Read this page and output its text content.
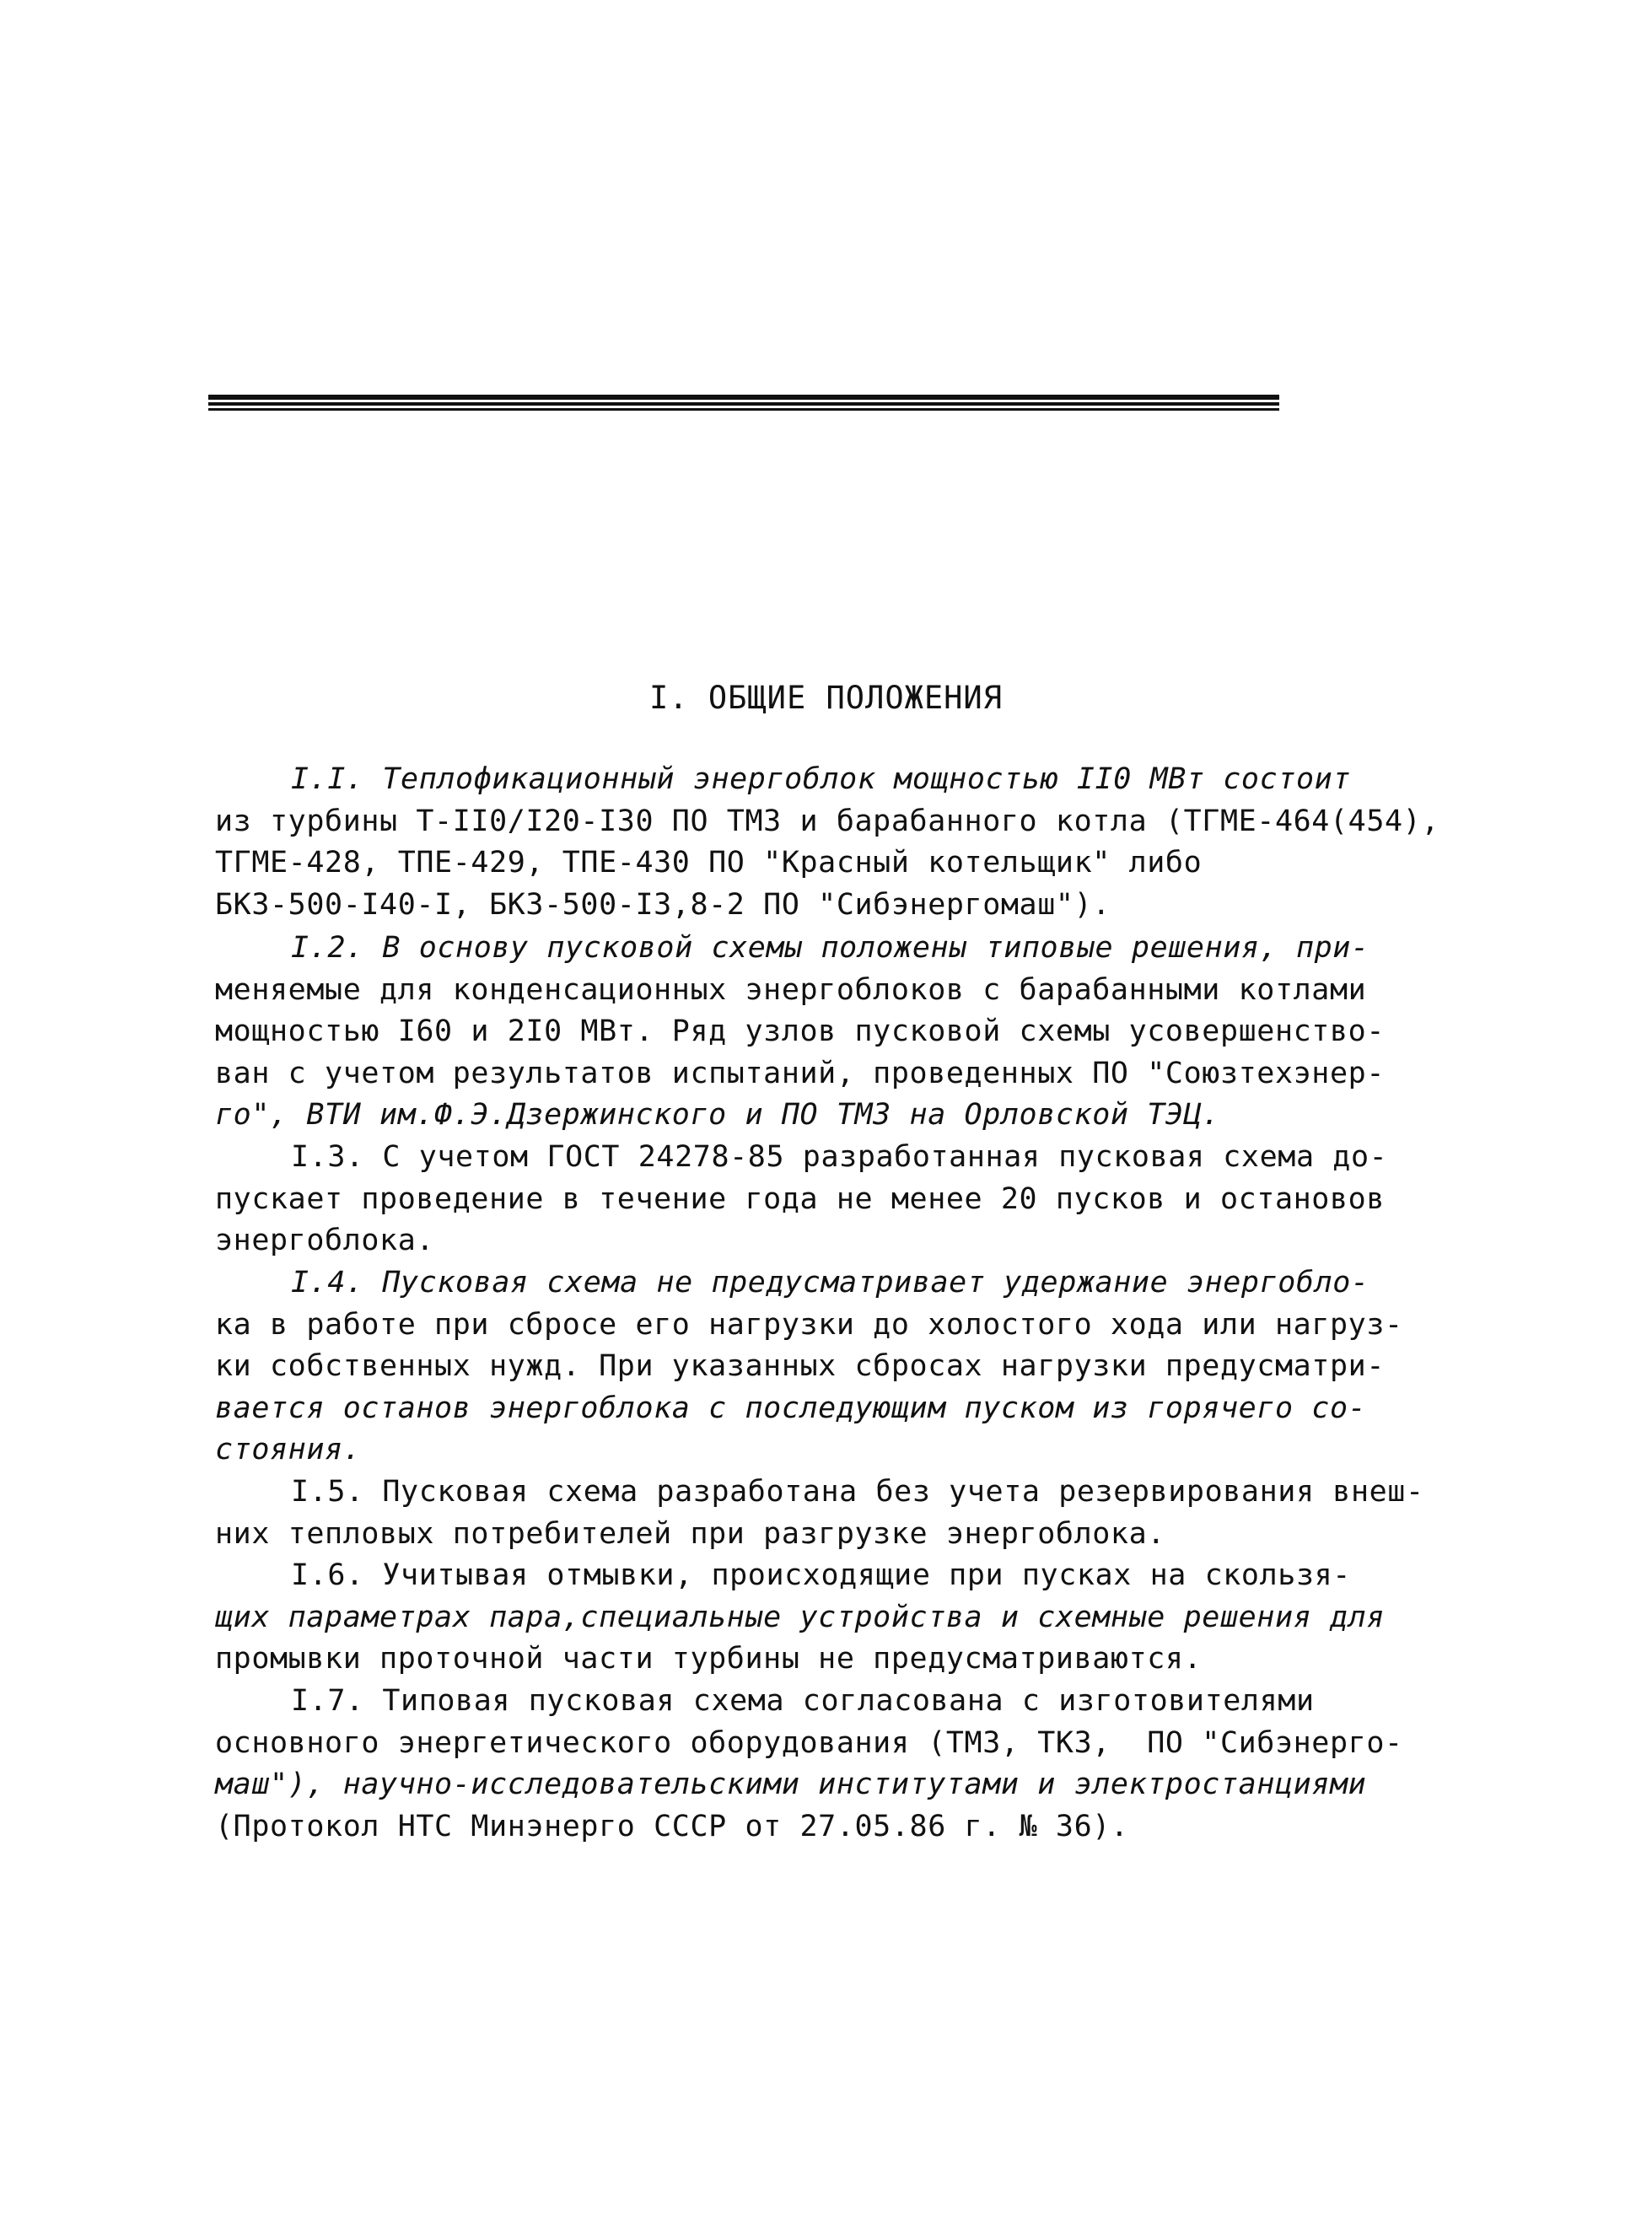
I. ОБЩИЕ ПОЛОЖЕНИЯ
I.I. Теплофикационный энергоблок мощностью II0 МВт состоит
из турбины Т-II0/I20-I30 ПО ТМЗ и барабанного котла (ТГМЕ-464(454),
ТГМЕ-428, ТПЕ-429, ТПЕ-430 ПО "Красный котельщик" либо
БКЗ-500-I40-I, БКЗ-500-I3,8-2 ПО "Сибэнергомаш").
I.2. В основу пусковой схемы положены типовые решения, при-
меняемые для конденсационных энергоблоков с барабанными котлами
мощностью I60 и 2I0 МВт. Ряд узлов пусковой схемы усовершенство-
ван с учетом результатов испытаний, проведенных ПО "Союзтехэнер-
го", ВТИ им.Ф.Э.Дзержинского и ПО ТМЗ на Орловской ТЭЦ.
I.3. С учетом ГОСТ 24278-85 разработанная пусковая схема до-
пускает проведение в течение года не менее 20 пусков и остановов
энергоблока.
I.4. Пусковая схема не предусматривает удержание энергобло-
ка в работе при сбросе его нагрузки до холостого хода или нагруз-
ки собственных нужд. При указанных сбросах нагрузки предусматри-
вается останов энергоблока с последующим пуском из горячего со-
стояния.
I.5. Пусковая схема разработана без учета резервирования внеш-
них тепловых потребителей при разгрузке энергоблока.
I.6. Учитывая отмывки, происходящие при пусках на скользя-
щих параметрах пара,специальные устройства и схемные решения для
промывки проточной части турбины не предусматриваются.
I.7. Типовая пусковая схема согласована с изготовителями
основного энергетического оборудования (ТМЗ, ТКЗ,  ПО "Сибэнерго-
маш"), научно-исследовательскими институтами и электростанциями
(Протокол НТС Минэнерго СССР от 27.05.86 г. № 36).
